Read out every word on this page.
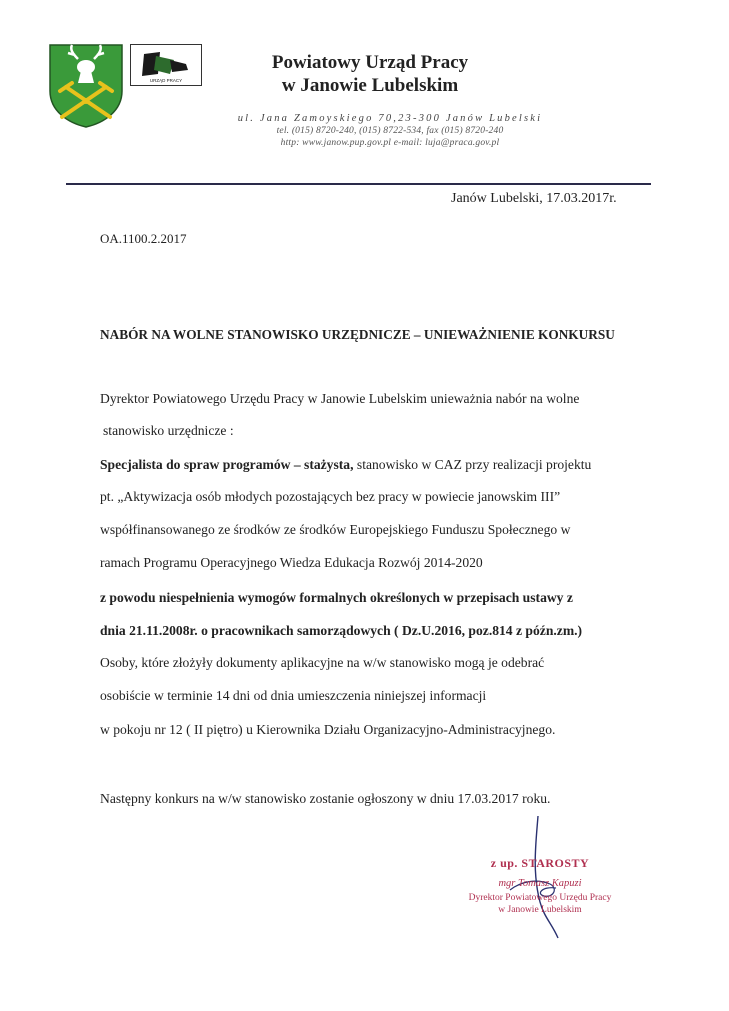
URZĄD PRACY
Powiatowy Urząd Pracy
w Janowie Lubelskim
ul. Jana Zamoyskiego 70,23-300 Janów Lubelski
tel. (015) 8720-240, (015) 8722-534, fax (015) 8720-240
http: www.janow.pup.gov.pl e-mail: luja@praca.gov.pl
Janów Lubelski, 17.03.2017r.
OA.1100.2.2017
NABÓR NA WOLNE STANOWISKO URZĘDNICZE – UNIEWAŻNIENIE KONKURSU
Dyrektor Powiatowego Urzędu Pracy w Janowie Lubelskim unieważnia nabór na wolne
stanowisko urzędnicze :
Specjalista do spraw programów – stażysta, stanowisko w CAZ przy realizacji projektu
pt. „Aktywizacja osób młodych pozostających bez pracy w powiecie janowskim III”
współfinansowanego ze środków ze środków Europejskiego Funduszu Społecznego w
ramach Programu Operacyjnego Wiedza Edukacja Rozwój 2014-2020
z powodu niespełnienia wymogów formalnych określonych w przepisach ustawy z
dnia 21.11.2008r. o pracownikach samorządowych ( Dz.U.2016, poz.814 z późn.zm.)
Osoby, które złożyły dokumenty aplikacyjne na w/w stanowisko mogą je odebrać
osobiście w terminie 14 dni od dnia umieszczenia niniejszej informacji
w pokoju nr 12 ( II piętro) u Kierownika Działu Organizacyjno-Administracyjnego.
Następny konkurs na w/w stanowisko zostanie ogłoszony w dniu 17.03.2017 roku.
z up. STAROSTY
mgr Tomasz Kapuzi
Dyrektor Powiatowego Urzędu Pracy
w Janowie Lubelskim
